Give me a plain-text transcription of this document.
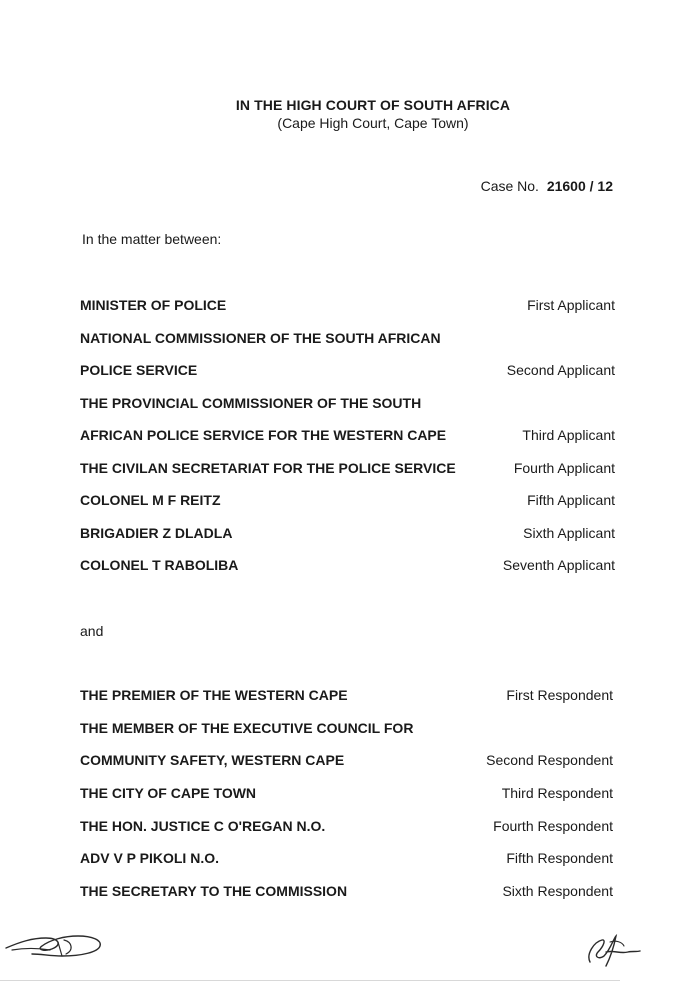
IN THE HIGH COURT OF SOUTH AFRICA
(Cape High Court, Cape Town)
Case No. 21600 / 12
In the matter between:
MINISTER OF POLICE	First Applicant
NATIONAL COMMISSIONER OF THE SOUTH AFRICAN
POLICE SERVICE	Second Applicant
THE PROVINCIAL COMMISSIONER OF THE SOUTH
AFRICAN POLICE SERVICE FOR THE WESTERN CAPE	Third Applicant
THE CIVILAN SECRETARIAT FOR THE POLICE SERVICE	Fourth Applicant
COLONEL M F REITZ	Fifth Applicant
BRIGADIER Z DLADLA	Sixth Applicant
COLONEL T RABOLIBA	Seventh Applicant
and
THE PREMIER OF THE WESTERN CAPE	First Respondent
THE MEMBER OF THE EXECUTIVE COUNCIL FOR
COMMUNITY SAFETY, WESTERN CAPE	Second Respondent
THE CITY OF CAPE TOWN	Third Respondent
THE HON. JUSTICE C O'REGAN N.O.	Fourth Respondent
ADV V P PIKOLI N.O.	Fifth Respondent
THE SECRETARY TO THE COMMISSION	Sixth Respondent
